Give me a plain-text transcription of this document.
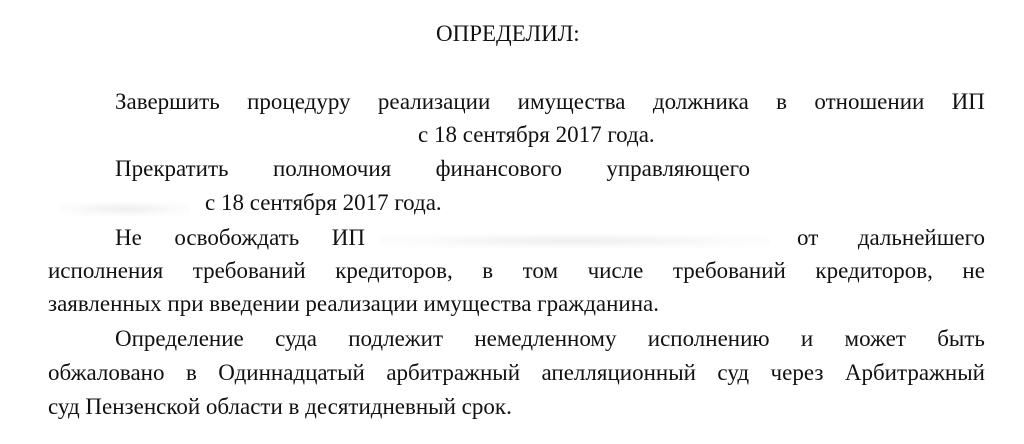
ОПРЕДЕЛИЛ:
Завершить процедуру реализации имущества должника в отношении ИП
с 18 сентября 2017 года.
Прекратить полномочия финансового управляющего
с 18 сентября 2017 года.
Не освобождать ИП	от дальнейшего
исполнения требований кредиторов, в том числе требований кредиторов, не
заявленных при введении реализации имущества гражданина.
Определение суда подлежит немедленному исполнению и может быть
обжаловано в Одиннадцатый арбитражный апелляционный суд через Арбитражный
суд Пензенской области в десятидневный срок.
